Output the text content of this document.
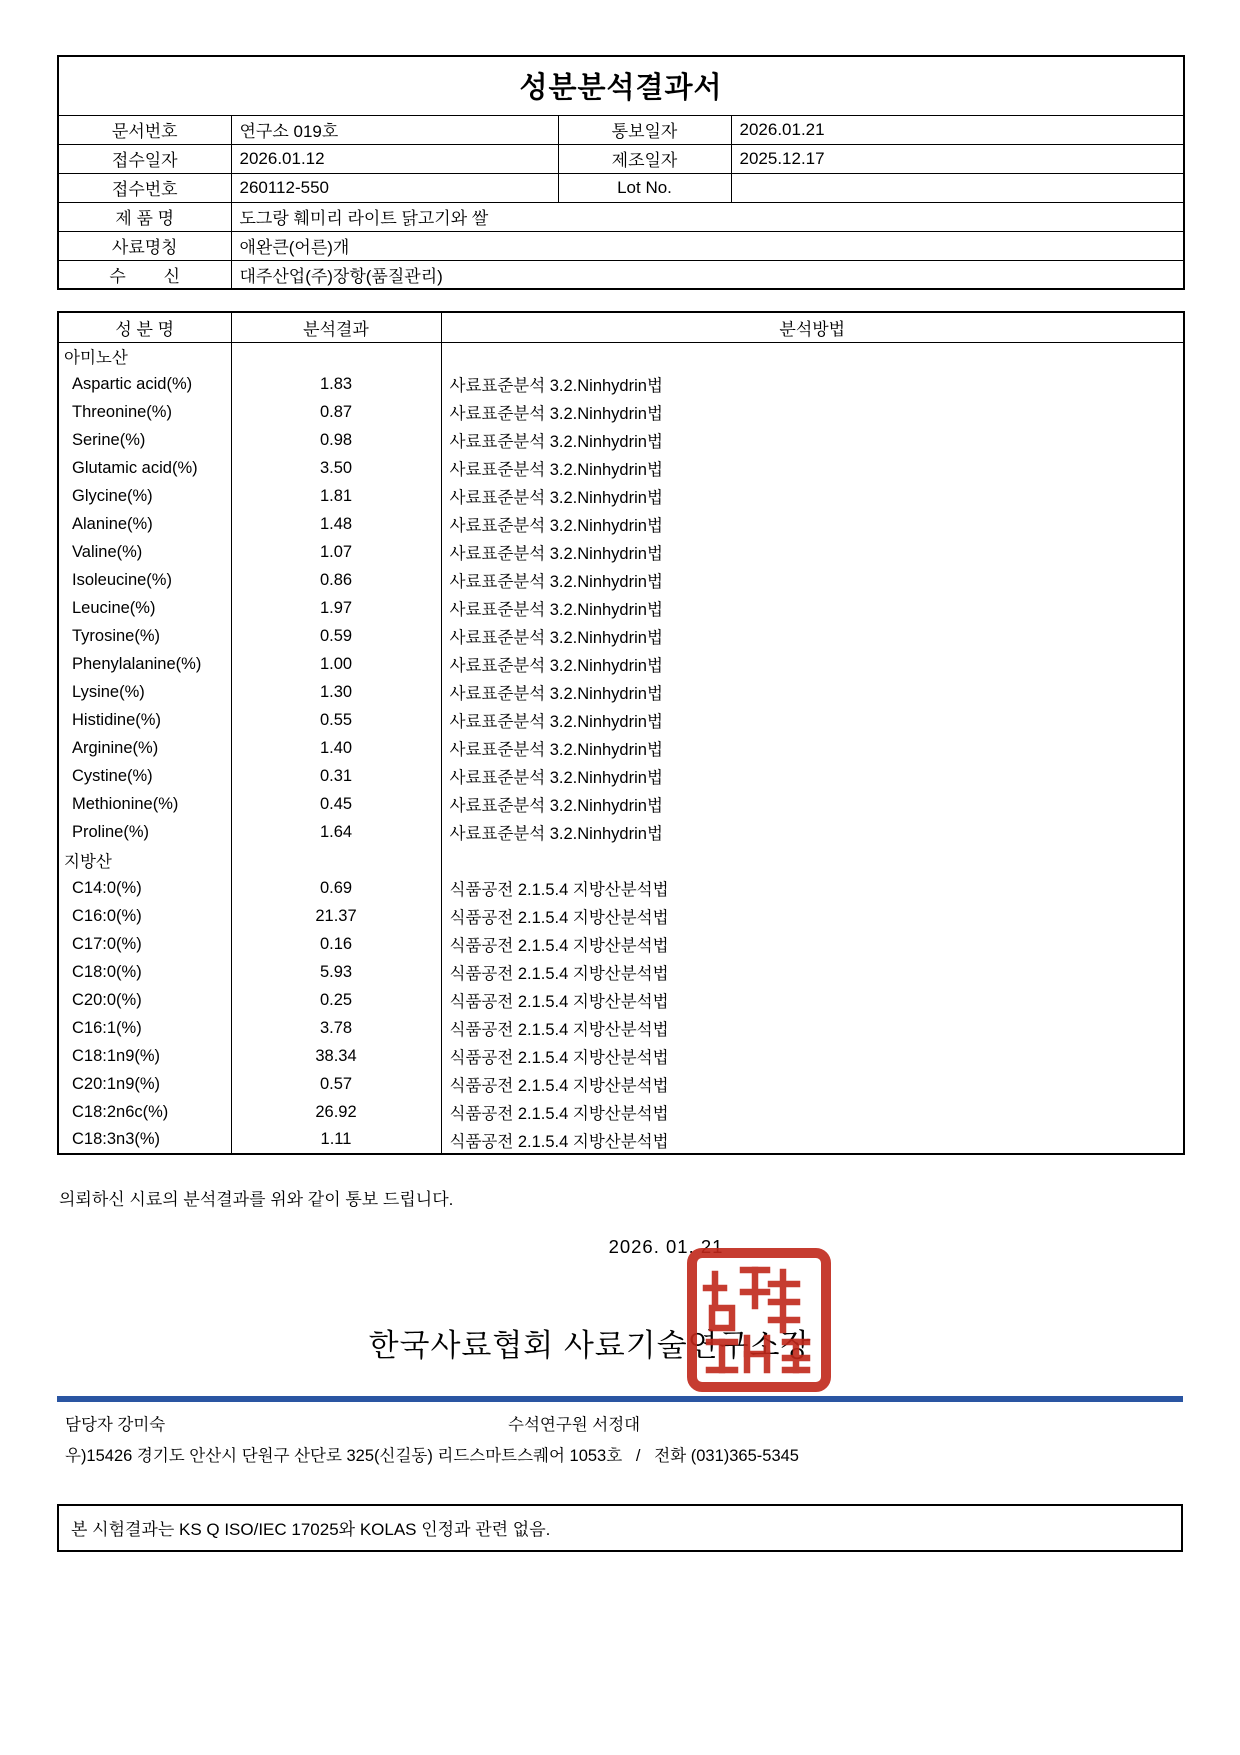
성분분석결과서			
문서번호	연구소 019호	통보일자	2026.01.21
접수일자	2026.01.12	제조일자	2025.12.17
접수번호	260112-550	Lot No.	
제 품 명	도그랑 훼미리 라이트 닭고기와 쌀		
사료명칭	애완큰(어른)개		
수        신	대주산업(주)장항(품질관리)		
성 분 명	분석결과	분석방법
아미노산		
Aspartic acid(%)	1.83	사료표준분석 3.2.Ninhydrin법
Threonine(%)	0.87	사료표준분석 3.2.Ninhydrin법
Serine(%)	0.98	사료표준분석 3.2.Ninhydrin법
Glutamic acid(%)	3.50	사료표준분석 3.2.Ninhydrin법
Glycine(%)	1.81	사료표준분석 3.2.Ninhydrin법
Alanine(%)	1.48	사료표준분석 3.2.Ninhydrin법
Valine(%)	1.07	사료표준분석 3.2.Ninhydrin법
Isoleucine(%)	0.86	사료표준분석 3.2.Ninhydrin법
Leucine(%)	1.97	사료표준분석 3.2.Ninhydrin법
Tyrosine(%)	0.59	사료표준분석 3.2.Ninhydrin법
Phenylalanine(%)	1.00	사료표준분석 3.2.Ninhydrin법
Lysine(%)	1.30	사료표준분석 3.2.Ninhydrin법
Histidine(%)	0.55	사료표준분석 3.2.Ninhydrin법
Arginine(%)	1.40	사료표준분석 3.2.Ninhydrin법
Cystine(%)	0.31	사료표준분석 3.2.Ninhydrin법
Methionine(%)	0.45	사료표준분석 3.2.Ninhydrin법
Proline(%)	1.64	사료표준분석 3.2.Ninhydrin법
지방산		
C14:0(%)	0.69	식품공전 2.1.5.4 지방산분석법
C16:0(%)	21.37	식품공전 2.1.5.4 지방산분석법
C17:0(%)	0.16	식품공전 2.1.5.4 지방산분석법
C18:0(%)	5.93	식품공전 2.1.5.4 지방산분석법
C20:0(%)	0.25	식품공전 2.1.5.4 지방산분석법
C16:1(%)	3.78	식품공전 2.1.5.4 지방산분석법
C18:1n9(%)	38.34	식품공전 2.1.5.4 지방산분석법
C20:1n9(%)	0.57	식품공전 2.1.5.4 지방산분석법
C18:2n6c(%)	26.92	식품공전 2.1.5.4 지방산분석법
C18:3n3(%)	1.11	식품공전 2.1.5.4 지방산분석법

의뢰하신 시료의 분석결과를 위와 같이 통보 드립니다.

2026. 01. 21
한국사료협회 사료기술연구소장
담당자 강미숙	수석연구원 서정대
우)15426 경기도 안산시 단원구 산단로 325(신길동) 리드스마트스퀘어 1053호   /   전화 (031)365-5345
본 시험결과는 KS Q ISO/IEC 17025와 KOLAS 인정과 관련 없음.
